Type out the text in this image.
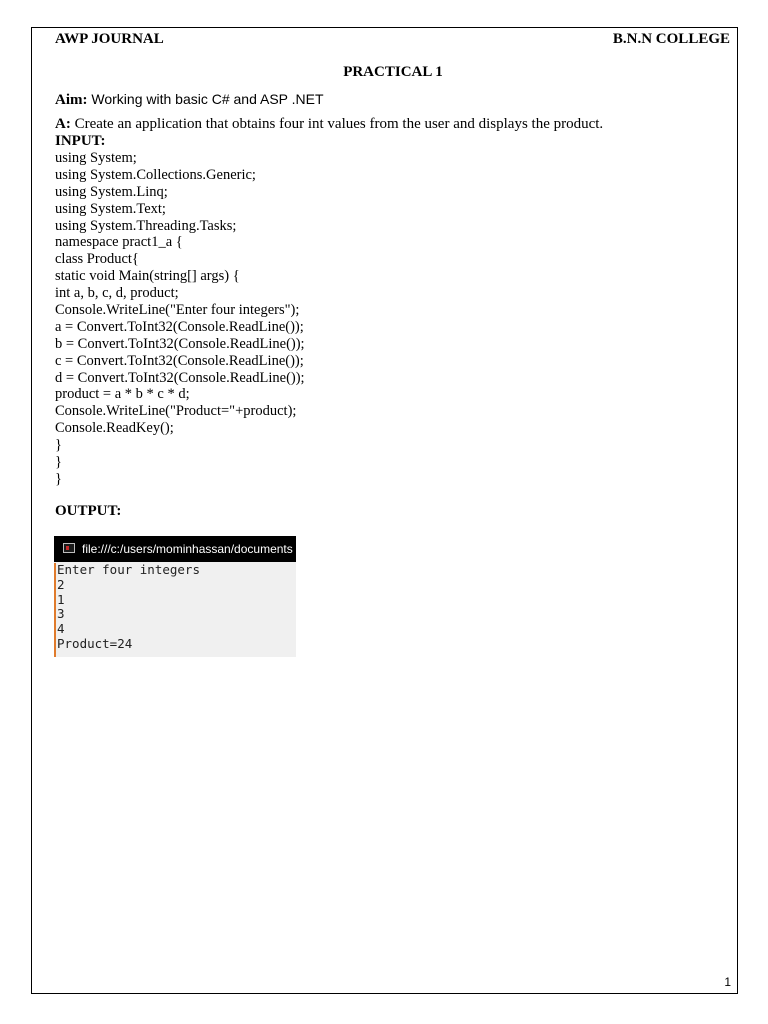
AWP JOURNAL	B.N.N COLLEGE
PRACTICAL 1
Aim: Working with basic C# and ASP .NET
A: Create an application that obtains four int values from the user and displays the product.
INPUT:
using System;
using System.Collections.Generic;
using System.Linq;
using System.Text;
using System.Threading.Tasks;
namespace pract1_a {
class Product{
static void Main(string[] args) {
int a, b, c, d, product;
Console.WriteLine("Enter four integers");
a = Convert.ToInt32(Console.ReadLine());
b = Convert.ToInt32(Console.ReadLine());
c = Convert.ToInt32(Console.ReadLine());
d = Convert.ToInt32(Console.ReadLine());
product = a * b * c * d;
Console.WriteLine("Product="+product);
Console.ReadKey();
}
}
}
OUTPUT:
file:///c:/users/mominhassan/documents
Enter four integers
2
1
3
4
Product=24
1
